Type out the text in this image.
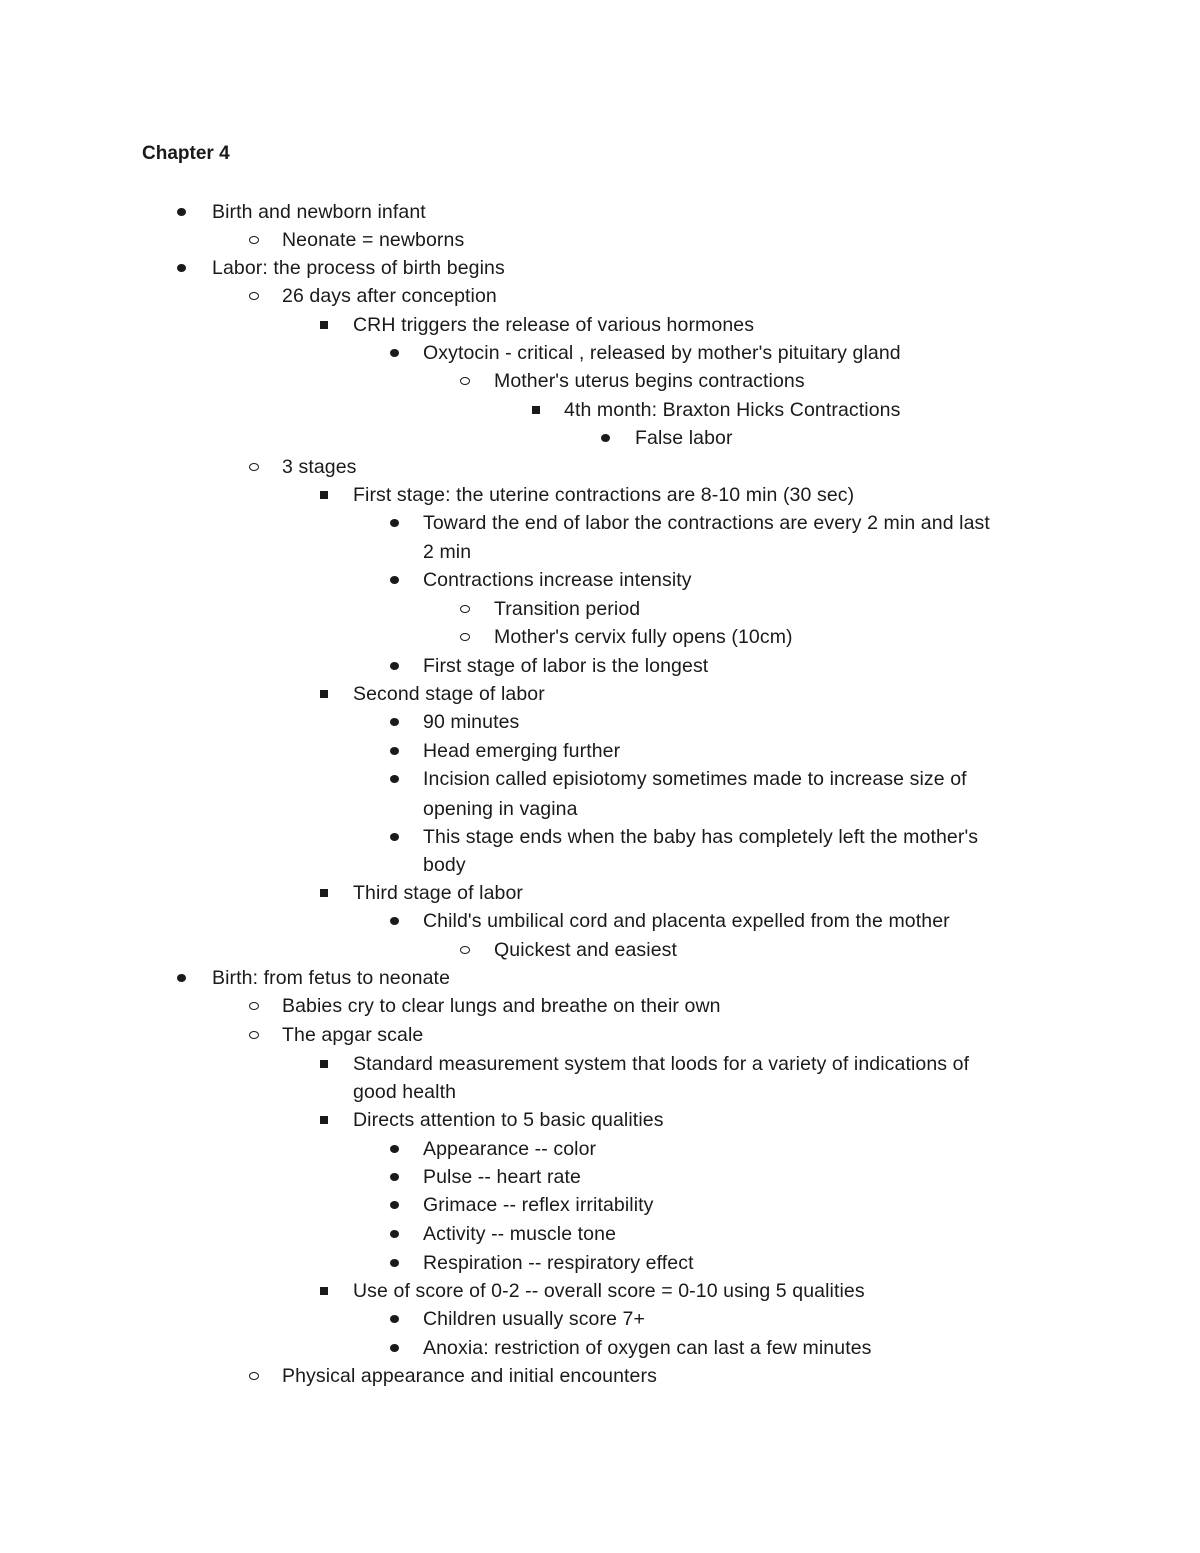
Chapter 4
Birth and newborn infant
Neonate = newborns
Labor: the process of birth begins
26 days after conception
CRH triggers the release of various hormones
Oxytocin - critical , released by mother's pituitary gland
Mother's uterus begins contractions
4th month: Braxton Hicks Contractions
False labor
3 stages
First stage: the uterine contractions are 8-10 min (30 sec)
Toward the end of labor the contractions are every 2 min and last
2 min
Contractions increase intensity
Transition period
Mother's cervix fully opens (10cm)
First stage of labor is the longest
Second stage of labor
90 minutes
Head emerging further
Incision called episiotomy sometimes made to increase size of
opening in vagina
This stage ends when the baby has completely left the mother's
body
Third stage of labor
Child's umbilical cord and placenta expelled from the mother
Quickest and easiest
Birth: from fetus to neonate
Babies cry to clear lungs and breathe on their own
The apgar scale
Standard measurement system that loods for a variety of indications of
good health
Directs attention to 5 basic qualities
Appearance -- color
Pulse -- heart rate
Grimace -- reflex irritability
Activity -- muscle tone
Respiration -- respiratory effect
Use of score of 0-2 -- overall score = 0-10 using 5 qualities
Children usually score 7+
Anoxia: restriction of oxygen can last a few minutes
Physical appearance and initial encounters
